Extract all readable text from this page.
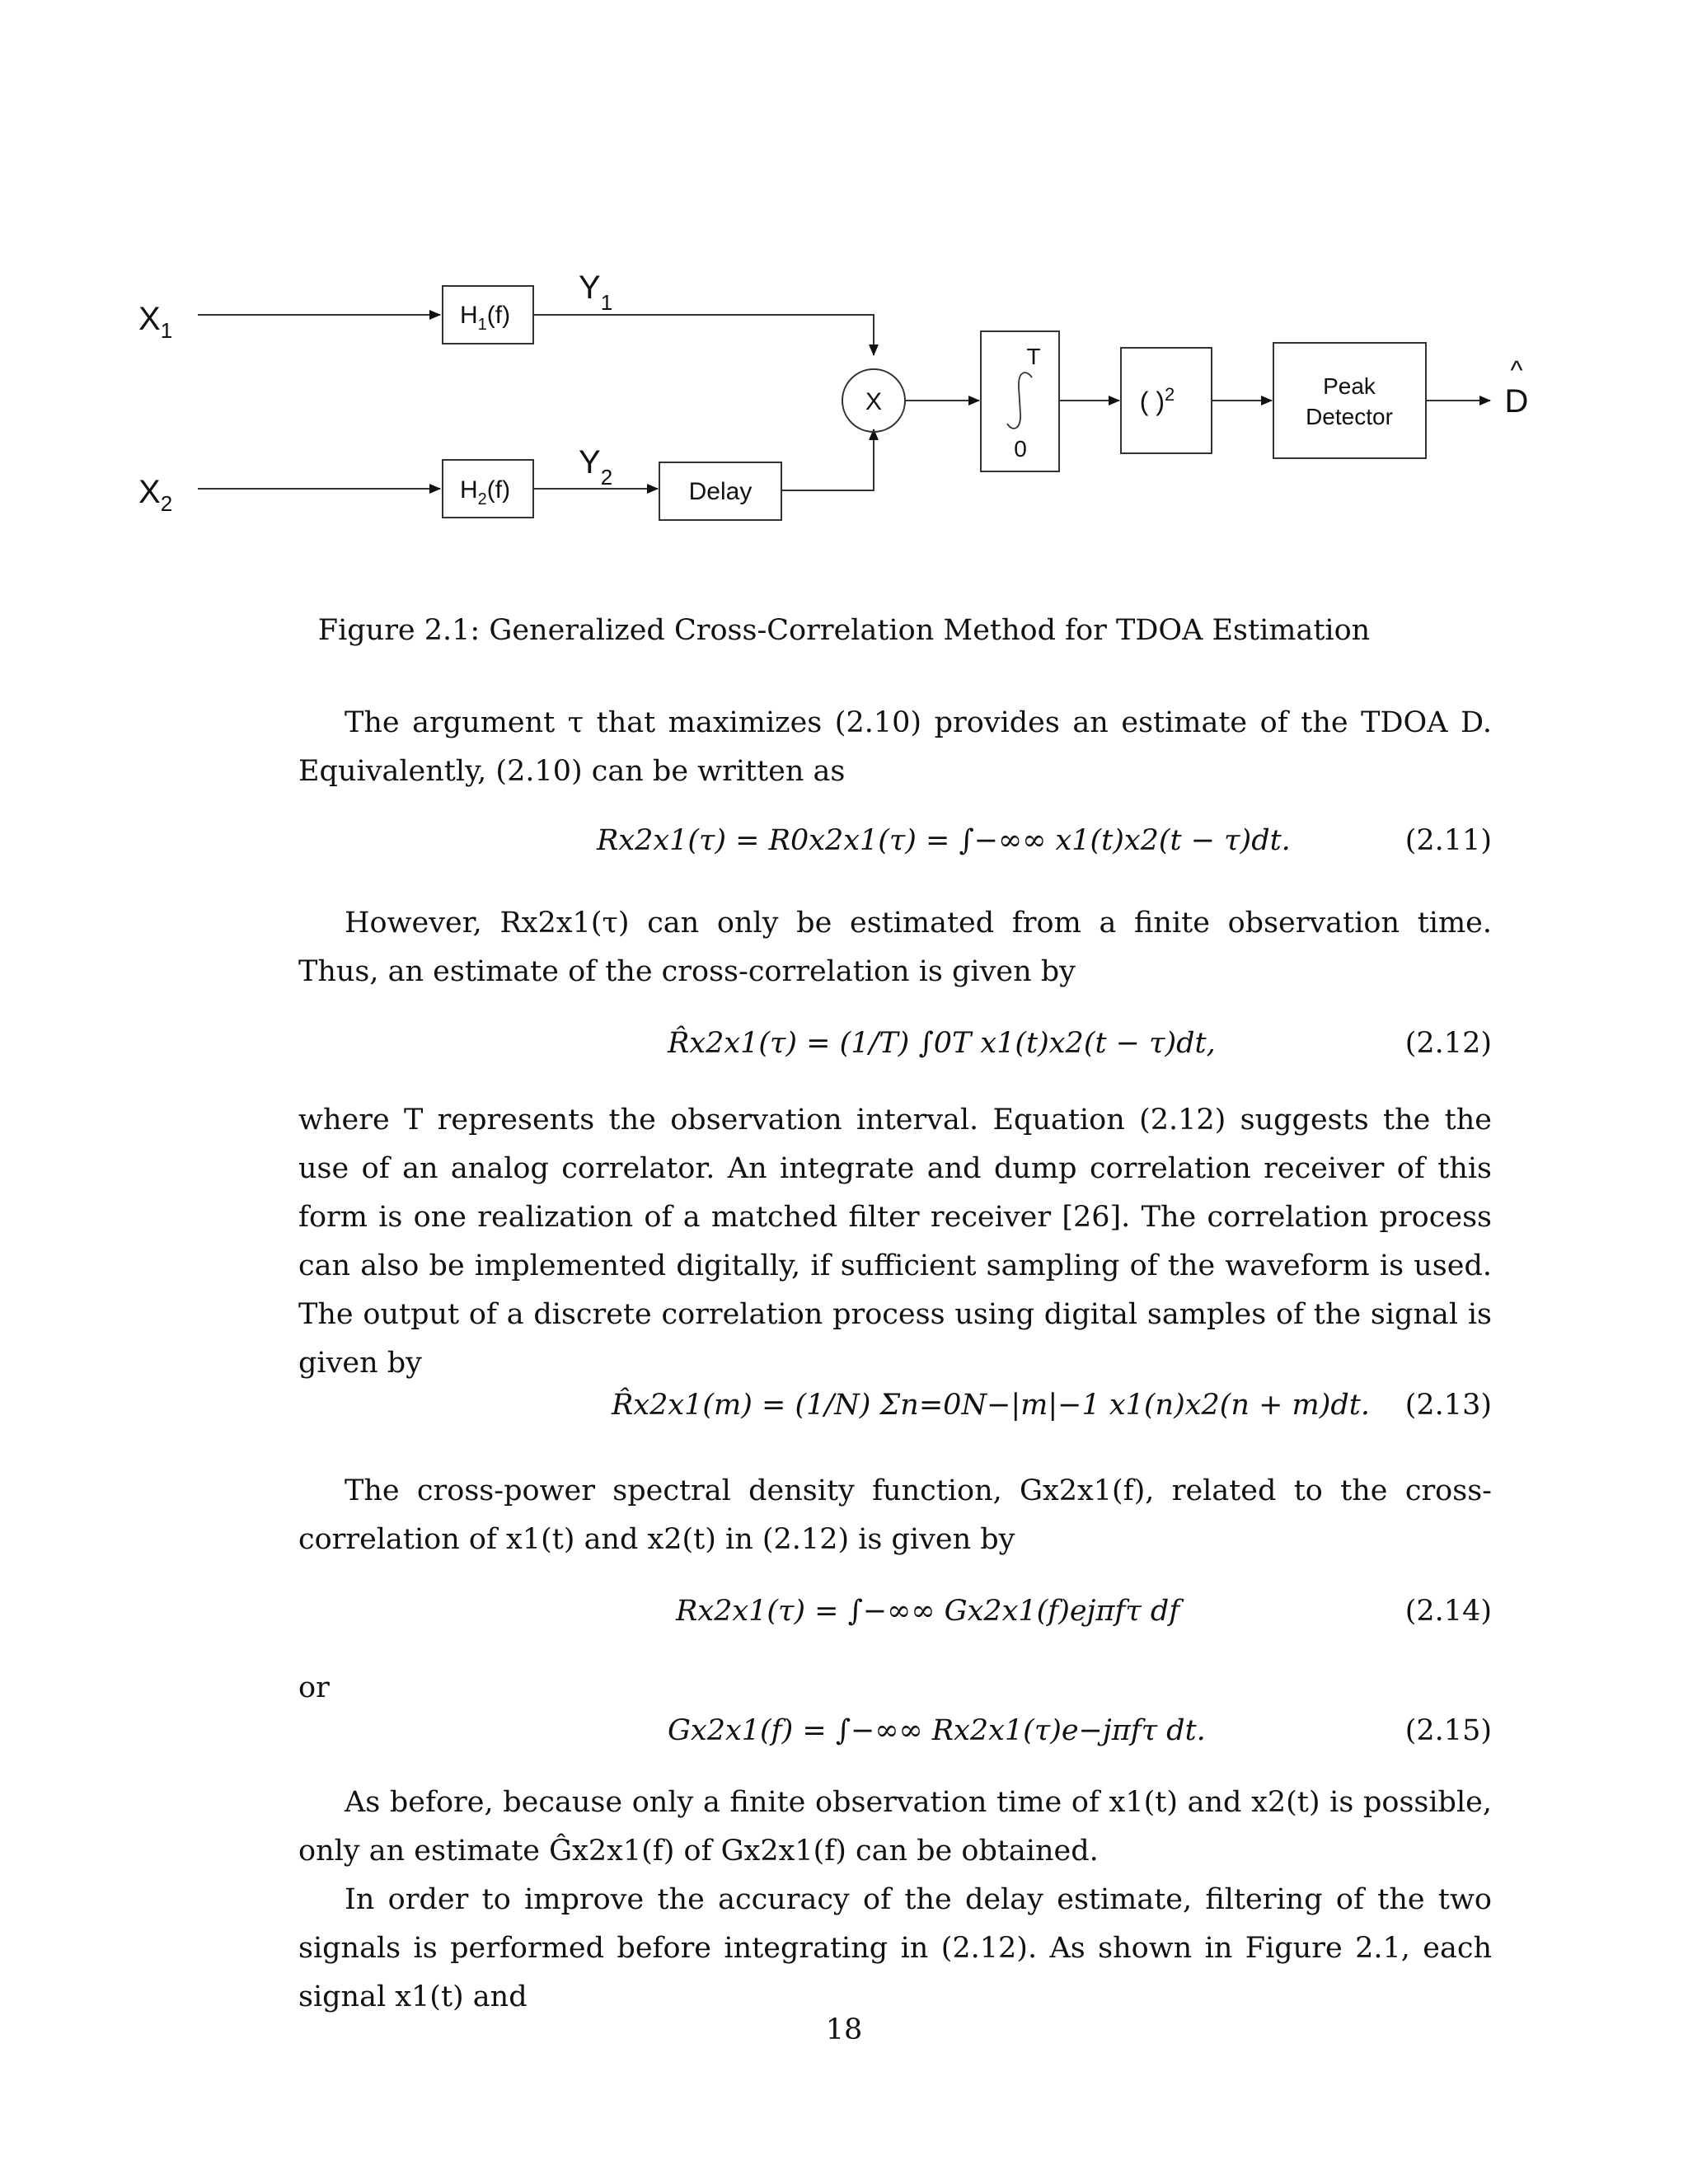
$X_1$
$X_2$
$H_1(f)$
$H_2(f)$
$Y_1$
$Y_2$
Delay
X
T
0
( )$^2$	Peak
Detector
^
D
Figure 2.1: Generalized Cross-Correlation Method for TDOA Estimation
The argument τ that maximizes (2.10) provides an estimate of the TDOA D. Equivalently, (2.10) can be written as
Rx2x1(τ) = R0x2x1(τ) = ∫−∞∞ x1(t)x2(t − τ)dt.	(2.11)
However, Rx2x1(τ) can only be estimated from a finite observation time. Thus, an estimate of the cross-correlation is given by
R̂x2x1(τ) = (1/T) ∫0T x1(t)x2(t − τ)dt,	(2.12)
where T represents the observation interval. Equation (2.12) suggests the the use of an analog correlator. An integrate and dump correlation receiver of this form is one realization of a matched filter receiver [26]. The correlation process can also be implemented digitally, if sufficient sampling of the waveform is used. The output of a discrete correlation process using digital samples of the signal is given by
R̂x2x1(m) = (1/N) Σn=0N−|m|−1 x1(n)x2(n + m)dt. (2.13)
The cross-power spectral density function, Gx2x1(f), related to the cross-correlation of x1(t) and x2(t) in (2.12) is given by
Rx2x1(τ) = ∫−∞∞ Gx2x1(f)ejπfτ df	(2.14)
or
Gx2x1(f) = ∫−∞∞ Rx2x1(τ)e−jπfτ dt.	(2.15)
As before, because only a finite observation time of x1(t) and x2(t) is possible, only an estimate Ĝx2x1(f) of Gx2x1(f) can be obtained.
In order to improve the accuracy of the delay estimate, filtering of the two signals is performed before integrating in (2.12). As shown in Figure 2.1, each signal x1(t) and
18
